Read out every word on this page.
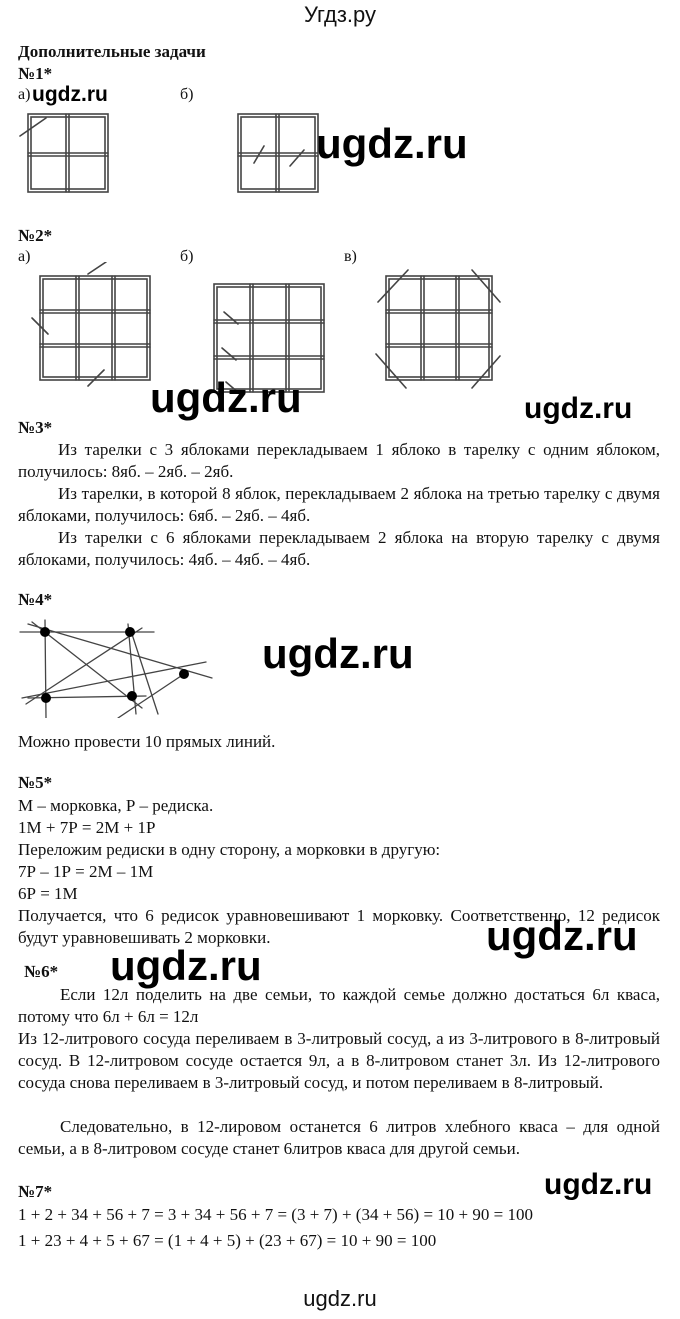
Угдз.ру
Дополнительные задачи
№1*
а)	б)
ugdz.ru
ugdz.ru
№2*
а)	б)	в)
ugdz.ru	ugdz.ru
№3*
Из тарелки с 3 яблоками перекладываем 1 яблоко в тарелку с одним яблоком, получилось: 8яб. – 2яб. – 2яб.
Из тарелки, в которой 8 яблок, перекладываем 2 яблока на третью тарелку с двумя яблоками, получилось: 6яб. – 2яб. – 4яб.
Из тарелки с 6 яблоками перекладываем 2 яблока на вторую тарелку с двумя яблоками, получилось: 4яб. – 4яб. – 4яб.
№4*
ugdz.ru
Можно провести 10 прямых линий.
№5*
М – морковка, Р – редиска.
1М + 7Р = 2М + 1Р
Переложим редиски в одну сторону, а морковки в другую:
7Р – 1Р = 2М – 1М
6Р = 1М
Получается, что 6 редисок уравновешивают 1 морковку. Соответственно, 12 редисок будут уравновешивать 2 морковки.	ugdz.ru
№6* ugdz.ru
Если 12л поделить на две семьи, то каждой семье должно достаться 6л кваса, потому что 6л + 6л = 12л
Из 12-литрового сосуда переливаем в 3-литровый сосуд, а из 3-литрового в 8-литровый сосуд. В 12-литровом сосуде остается 9л, а в 8-литровом станет 3л. Из 12-литрового сосуда снова переливаем в 3-литровый сосуд, и потом переливаем в 8-литровый.
Следовательно, в 12-лировом останется 6 литров хлебного кваса – для одной семьи, а в 8-литровом сосуде станет 6литров кваса для другой семьи.
№7*	ugdz.ru
1 + 2 + 34 + 56 + 7 = 3 + 34 + 56 + 7 = (3 + 7) + (34 + 56) = 10 + 90 = 100
1 + 23 + 4 + 5 + 67 = (1 + 4 + 5) + (23 + 67) = 10 + 90 = 100
ugdz.ru
